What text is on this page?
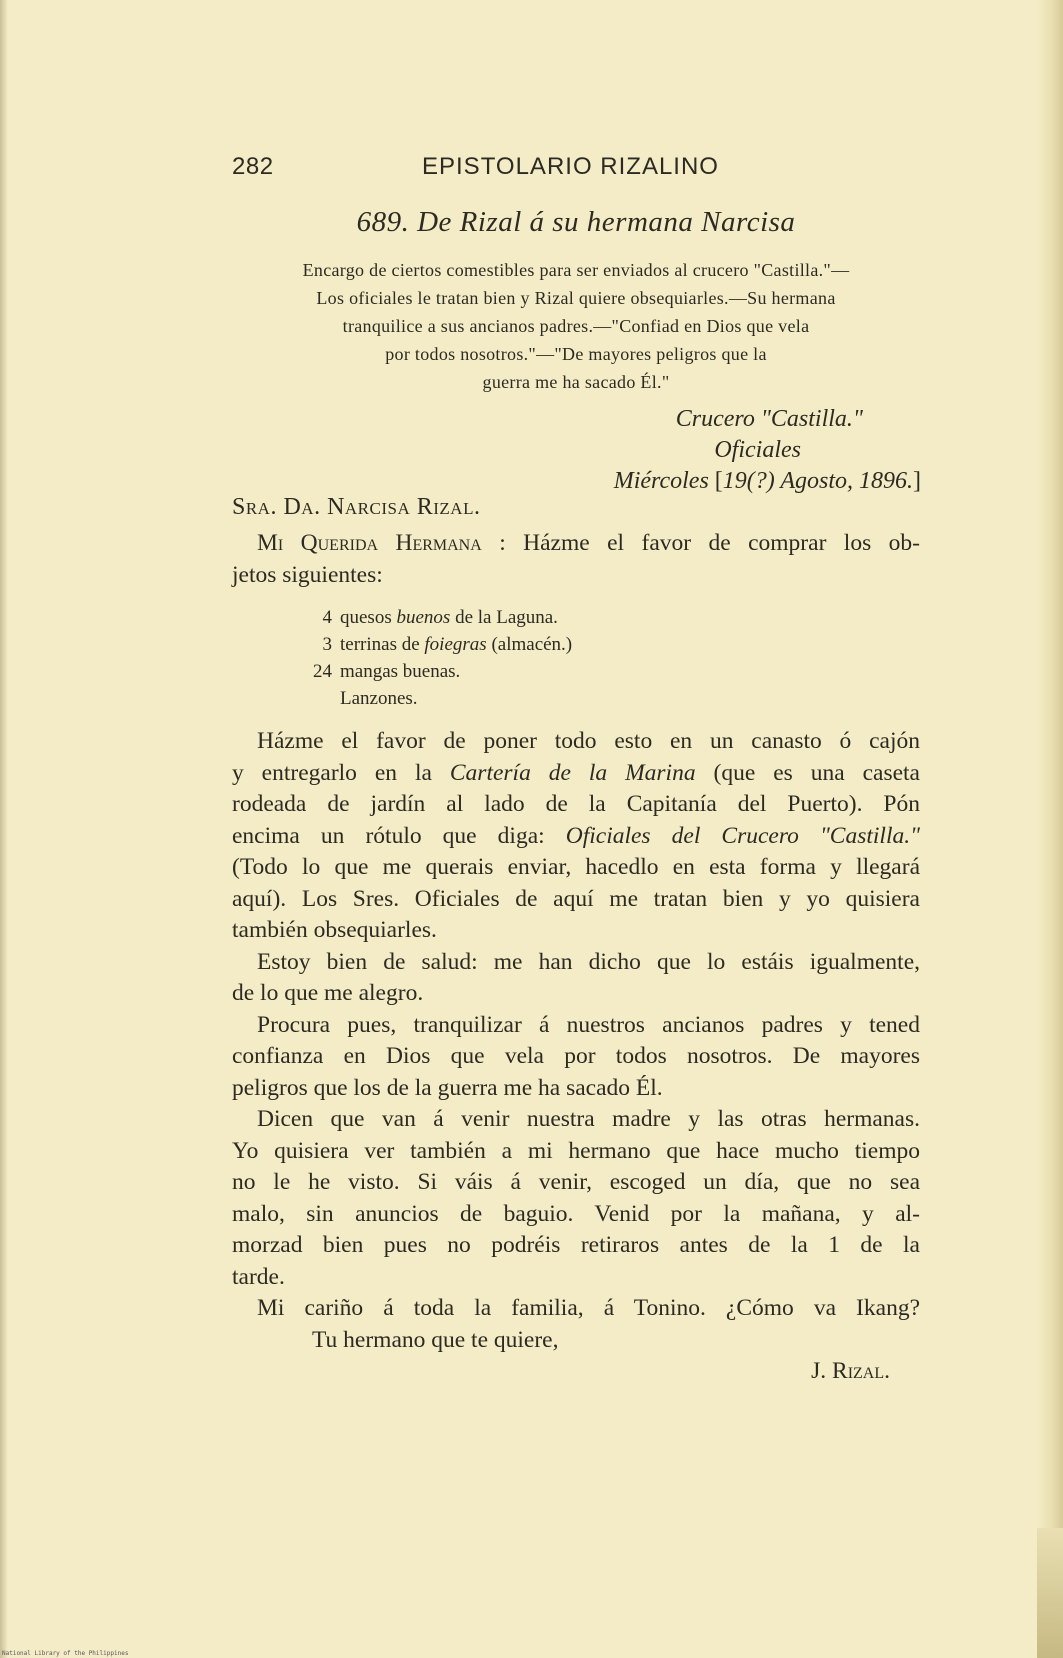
282	EPISTOLARIO RIZALINO
689. De Rizal á su hermana Narcisa
Encargo de ciertos comestibles para ser enviados al crucero "Castilla."—
Los oficiales le tratan bien y Rizal quiere obsequiarles.—Su hermana
tranquilice a sus ancianos padres.—"Confiad en Dios que vela
por todos nosotros."—"De mayores peligros que la
guerra me ha sacado Él."
Crucero "Castilla."
Oficiales
Miércoles [19(?) Agosto, 1896.]
Sra. Da. Narcisa Rizal.
Mi Querida Hermana : Házme el favor de comprar los ob-
jetos siguientes:
4 quesos buenos de la Laguna.
3 terrinas de foiegras (almacén.)
24 mangas buenas.
Lanzones.
Házme el favor de poner todo esto en un canasto ó cajón
y entregarlo en la Cartería de la Marina (que es una caseta
rodeada de jardín al lado de la Capitanía del Puerto). Pón
encima un rótulo que diga: Oficiales del Crucero "Castilla."
(Todo lo que me querais enviar, hacedlo en esta forma y llegará
aquí). Los Sres. Oficiales de aquí me tratan bien y yo quisiera
también obsequiarles.
Estoy bien de salud: me han dicho que lo estáis igualmente,
de lo que me alegro.
Procura pues, tranquilizar á nuestros ancianos padres y tened
confianza en Dios que vela por todos nosotros. De mayores
peligros que los de la guerra me ha sacado Él.
Dicen que van á venir nuestra madre y las otras hermanas.
Yo quisiera ver también a mi hermano que hace mucho tiempo
no le he visto. Si váis á venir, escoged un día, que no sea
malo, sin anuncios de baguio. Venid por la mañana, y al-
morzad bien pues no podréis retiraros antes de la 1 de la
tarde.
Mi cariño á toda la familia, á Tonino. ¿Cómo va Ikang?
Tu hermano que te quiere,
J. Rizal.
National Library of the Philippines
